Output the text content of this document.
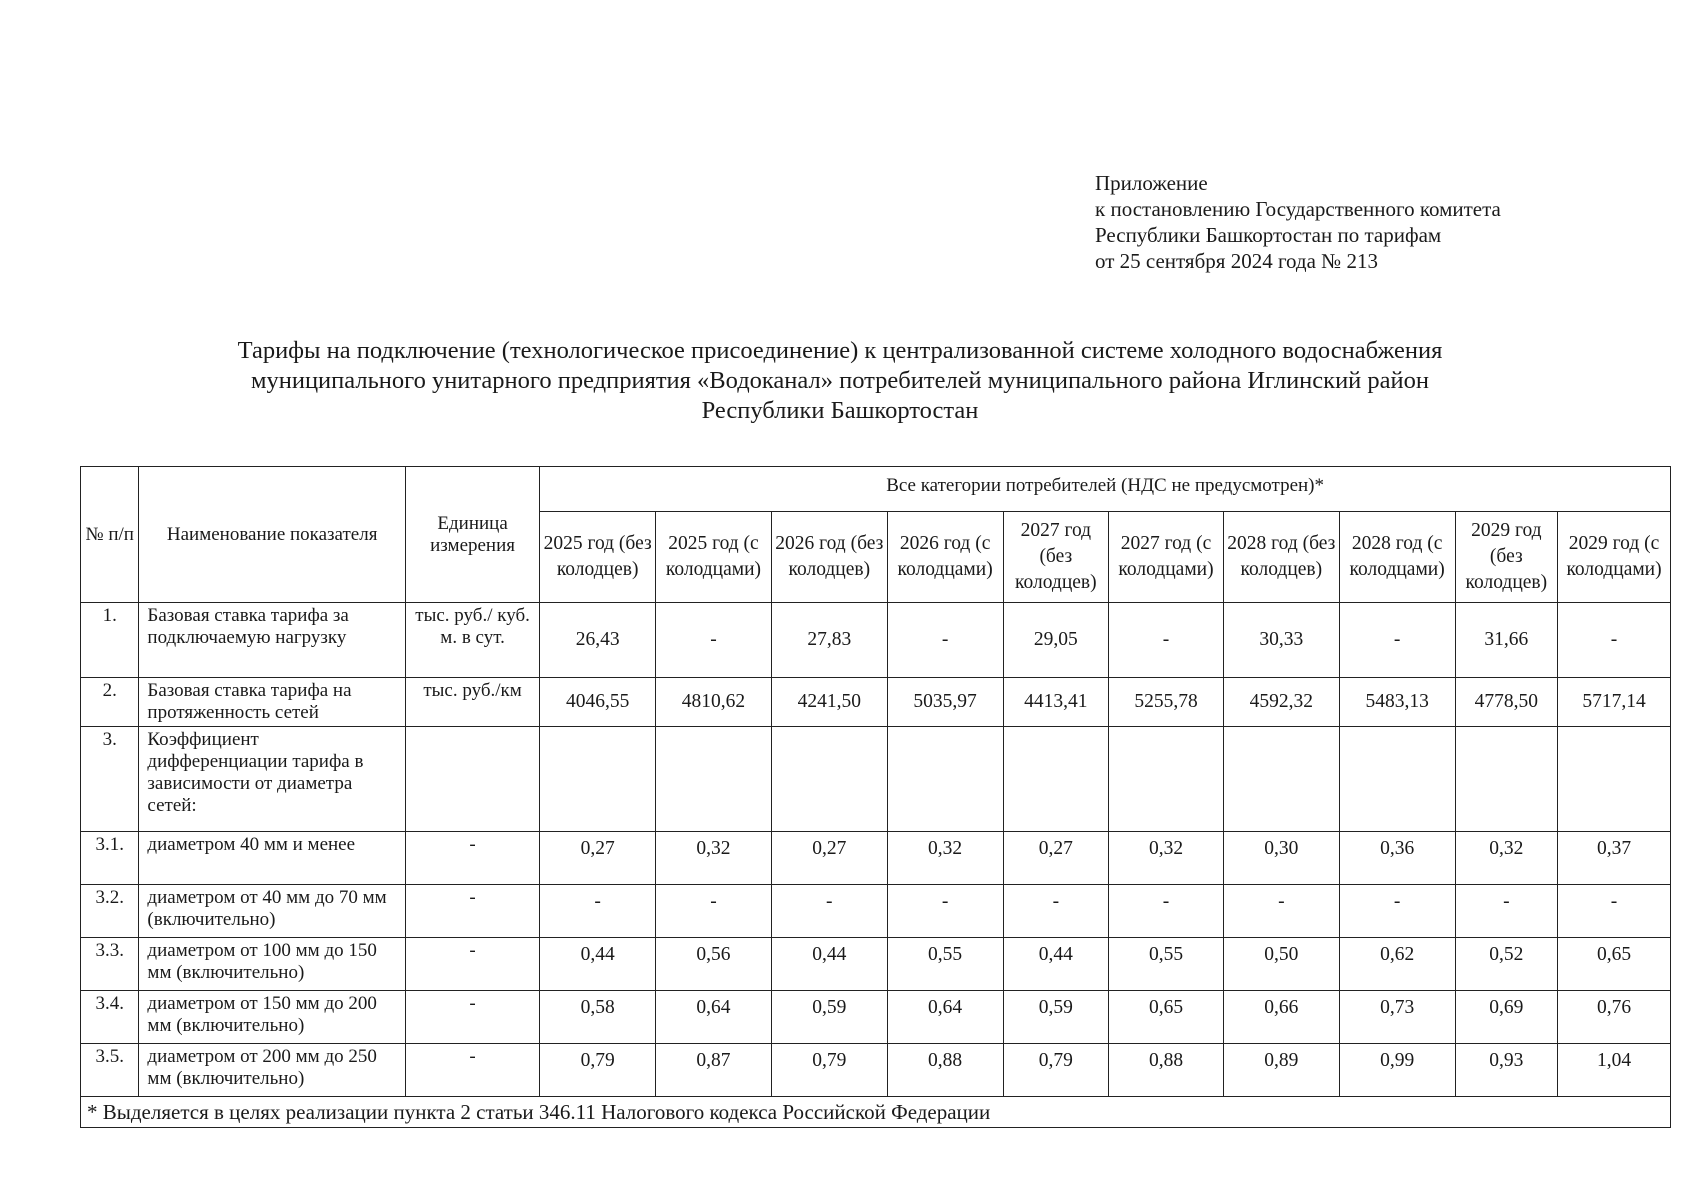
Приложение
к постановлению Государственного комитета
Республики Башкортостан по тарифам
от 25 сентября 2024 года № 213
Тарифы на подключение (технологическое присоединение) к централизованной системе холодного водоснабжения
муниципального унитарного предприятия «Водоканал» потребителей муниципального района Иглинский район
Республики Башкортостан
№ п/п	Наименование показателя	Единица измерения	Все категории потребителей (НДС не предусмотрен)*									
			2025 год (без колодцев)	2025 год (с колодцами)	2026 год (без колодцев)	2026 год (с колодцами)	2027 год (без колодцев)	2027 год (с колодцами)	2028 год (без колодцев)	2028 год (с колодцами)	2029 год (без колодцев)	2029 год (с колодцами)
1.	Базовая ставка тарифа за подключаемую нагрузку	тыс. руб./ куб. м. в сут.	26,43	-	27,83	-	29,05	-	30,33	-	31,66	-
2.	Базовая ставка тарифа на протяженность сетей	тыс. руб./км	4046,55	4810,62	4241,50	5035,97	4413,41	5255,78	4592,32	5483,13	4778,50	5717,14
3.	Коэффициент дифференциации тарифа в зависимости от диаметра сетей:											
3.1.	диаметром 40 мм и менее	-	0,27	0,32	0,27	0,32	0,27	0,32	0,30	0,36	0,32	0,37
3.2.	диаметром от 40 мм до 70 мм (включительно)	-	-	-	-	-	-	-	-	-	-	-
3.3.	диаметром от 100 мм до 150 мм (включительно)	-	0,44	0,56	0,44	0,55	0,44	0,55	0,50	0,62	0,52	0,65
3.4.	диаметром от 150 мм до 200 мм (включительно)	-	0,58	0,64	0,59	0,64	0,59	0,65	0,66	0,73	0,69	0,76
3.5.	диаметром от 200 мм до 250 мм (включительно)	-	0,79	0,87	0,79	0,88	0,79	0,88	0,89	0,99	0,93	1,04
* Выделяется в целях реализации пункта 2 статьи 346.11 Налогового кодекса Российской Федерации												
